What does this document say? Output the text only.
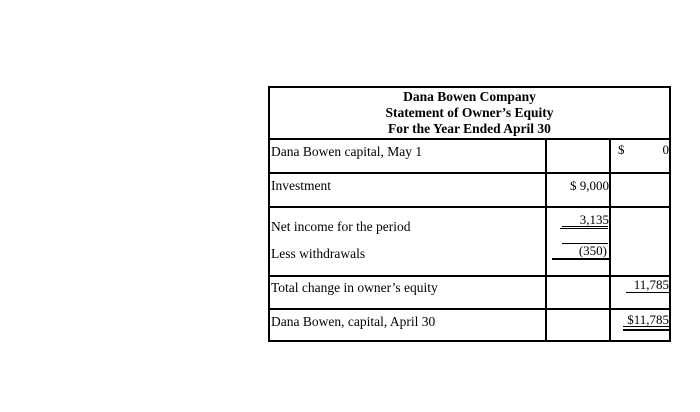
Dana Bowen Company
Statement of Owner’s Equity
For the Year Ended April 30
Dana Bowen capital, May 1
Investment
Net income for the period
Less withdrawals
Total change in owner’s equity
Dana Bowen, capital, April 30
$	0
$ 9,000
3,135
(350)
11,785
$11,785
